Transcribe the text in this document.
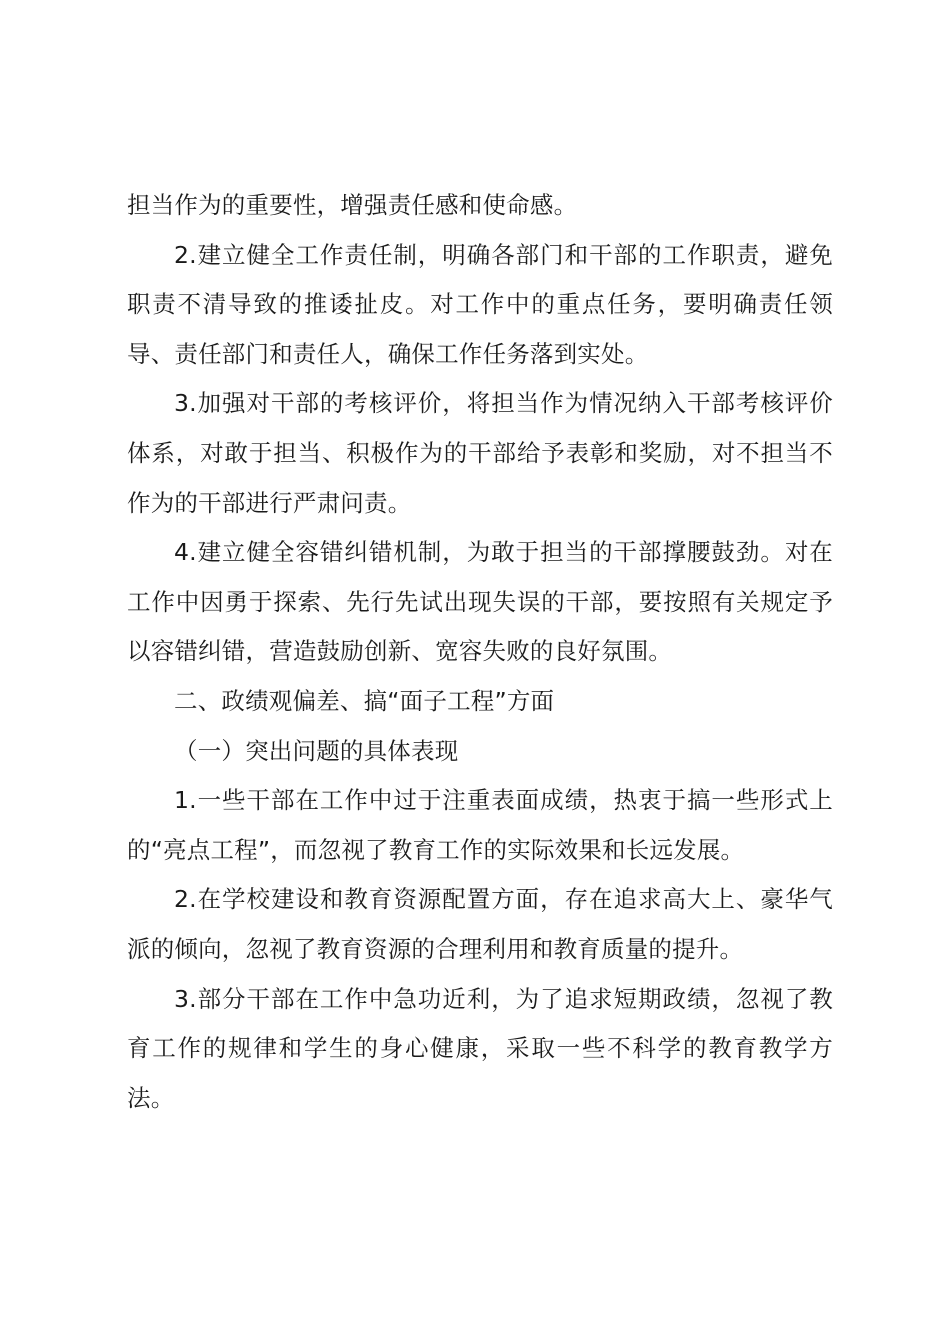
担当作为的重要性，增强责任感和使命感。

2.建立健全工作责任制，明确各部门和干部的工作职责，避免职责不清导致的推诿扯皮。对工作中的重点任务，要明确责任领导、责任部门和责任人，确保工作任务落到实处。

3.加强对干部的考核评价，将担当作为情况纳入干部考核评价体系，对敢于担当、积极作为的干部给予表彰和奖励，对不担当不作为的干部进行严肃问责。

4.建立健全容错纠错机制，为敢于担当的干部撑腰鼓劲。对在工作中因勇于探索、先行先试出现失误的干部，要按照有关规定予以容错纠错，营造鼓励创新、宽容失败的良好氛围。

二、政绩观偏差、搞“面子工程”方面

（一）突出问题的具体表现

1.一些干部在工作中过于注重表面成绩，热衷于搞一些形式上的“亮点工程”，而忽视了教育工作的实际效果和长远发展。

2.在学校建设和教育资源配置方面，存在追求高大上、豪华气派的倾向，忽视了教育资源的合理利用和教育质量的提升。

3.部分干部在工作中急功近利，为了追求短期政绩，忽视了教育工作的规律和学生的身心健康，采取一些不科学的教育教学方法。
